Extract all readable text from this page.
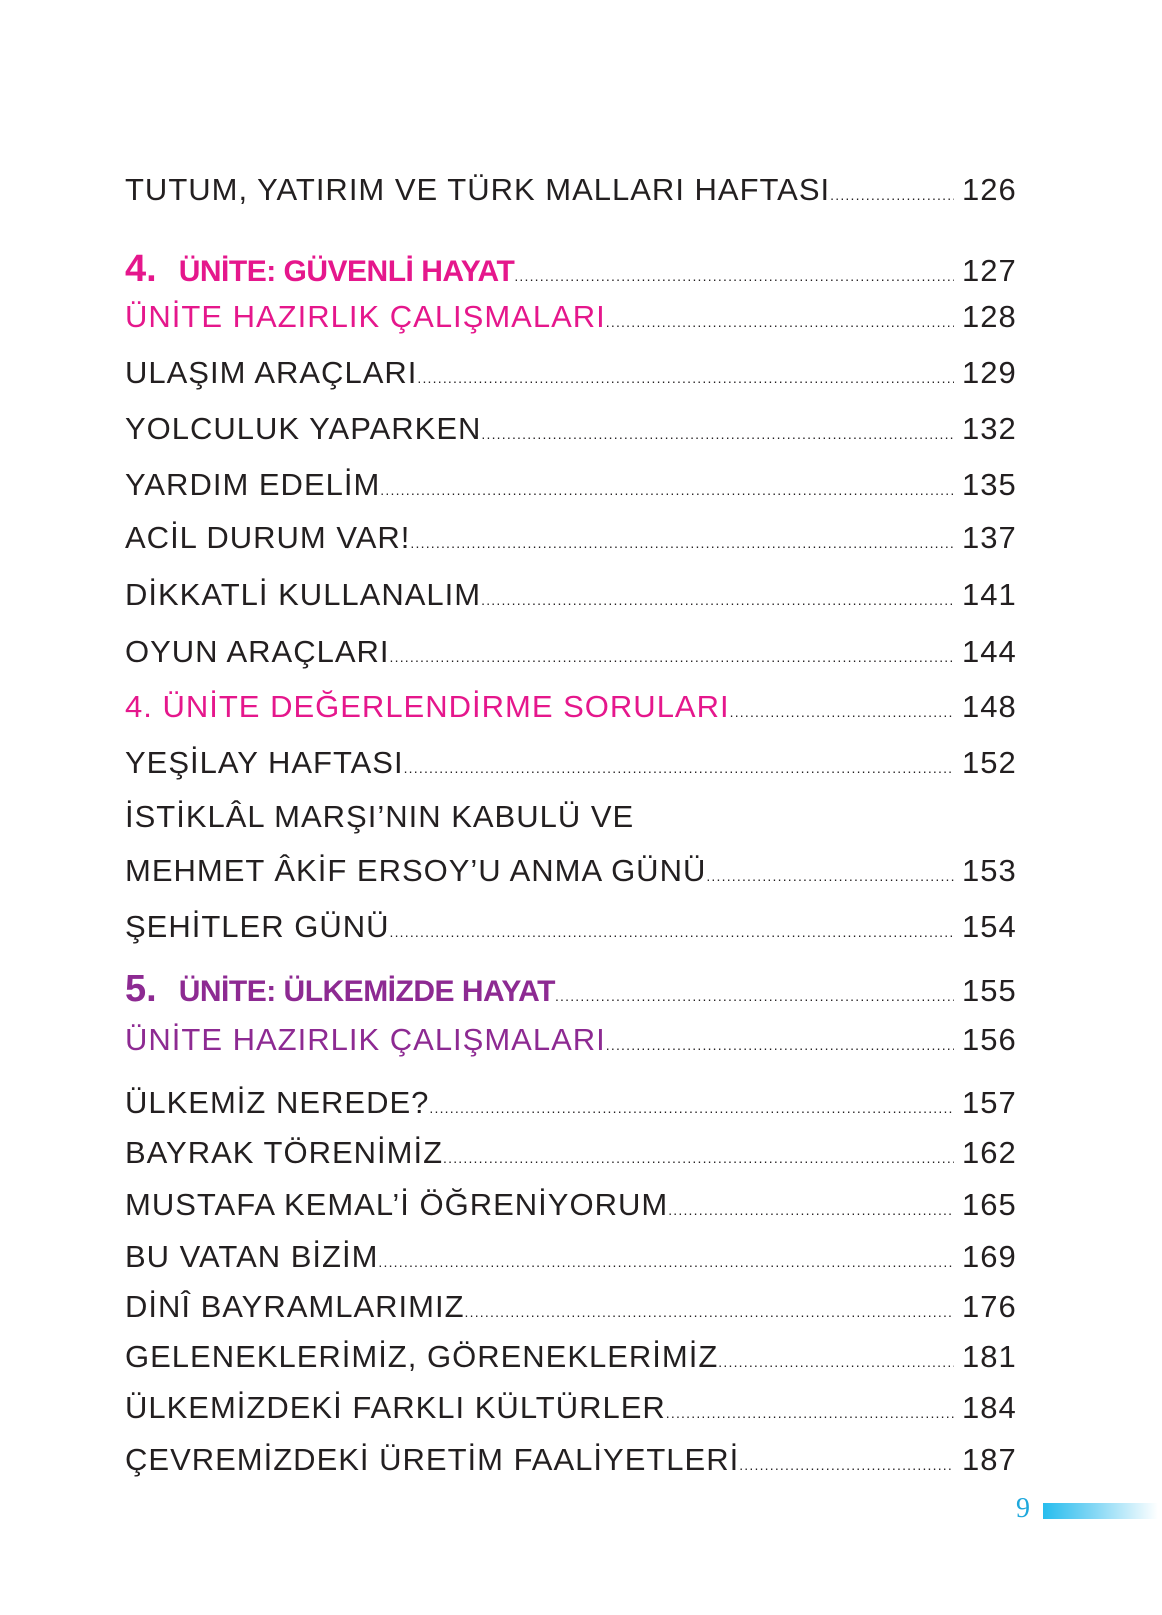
TUTUM, YATIRIM VE TÜRK MALLARI HAFTASI .....	126
4. ÜNİTE: GÜVENLİ HAYAT .....	127
ÜNİTE HAZIRLIK ÇALIŞMALARI .....	128
ULAŞIM ARAÇLARI .....	129
YOLCULUK YAPARKEN .....	132
YARDIM EDELİM .....	135
ACİL DURUM VAR! .....	137
DİKKATLİ KULLANALIM .....	141
OYUN ARAÇLARI .....	144
4. ÜNİTE DEĞERLENDİRME SORULARI .....	148
YEŞİLAY HAFTASI .....	152
İSTİKLÂL MARŞI’NIN KABULÜ VE
MEHMET ÂKİF ERSOY’U ANMA GÜNÜ .....	153
ŞEHİTLER GÜNÜ .....	154
5. ÜNİTE: ÜLKEMİZDE HAYAT .....	155
ÜNİTE HAZIRLIK ÇALIŞMALARI .....	156
ÜLKEMİZ NEREDE? .....	157
BAYRAK TÖRENİMİZ .....	162
MUSTAFA KEMAL’İ ÖĞRENİYORUM .....	165
BU VATAN BİZİM .....	169
DİNÎ BAYRAMLARIMIZ .....	176
GELENEKLERİMİZ, GÖRENEKLERİMİZ .....	181
ÜLKEMİZDEKİ FARKLI KÜLTÜRLER .....	184
ÇEVREMİZDEKİ ÜRETİM FAALİYETLERİ .....	187
9
